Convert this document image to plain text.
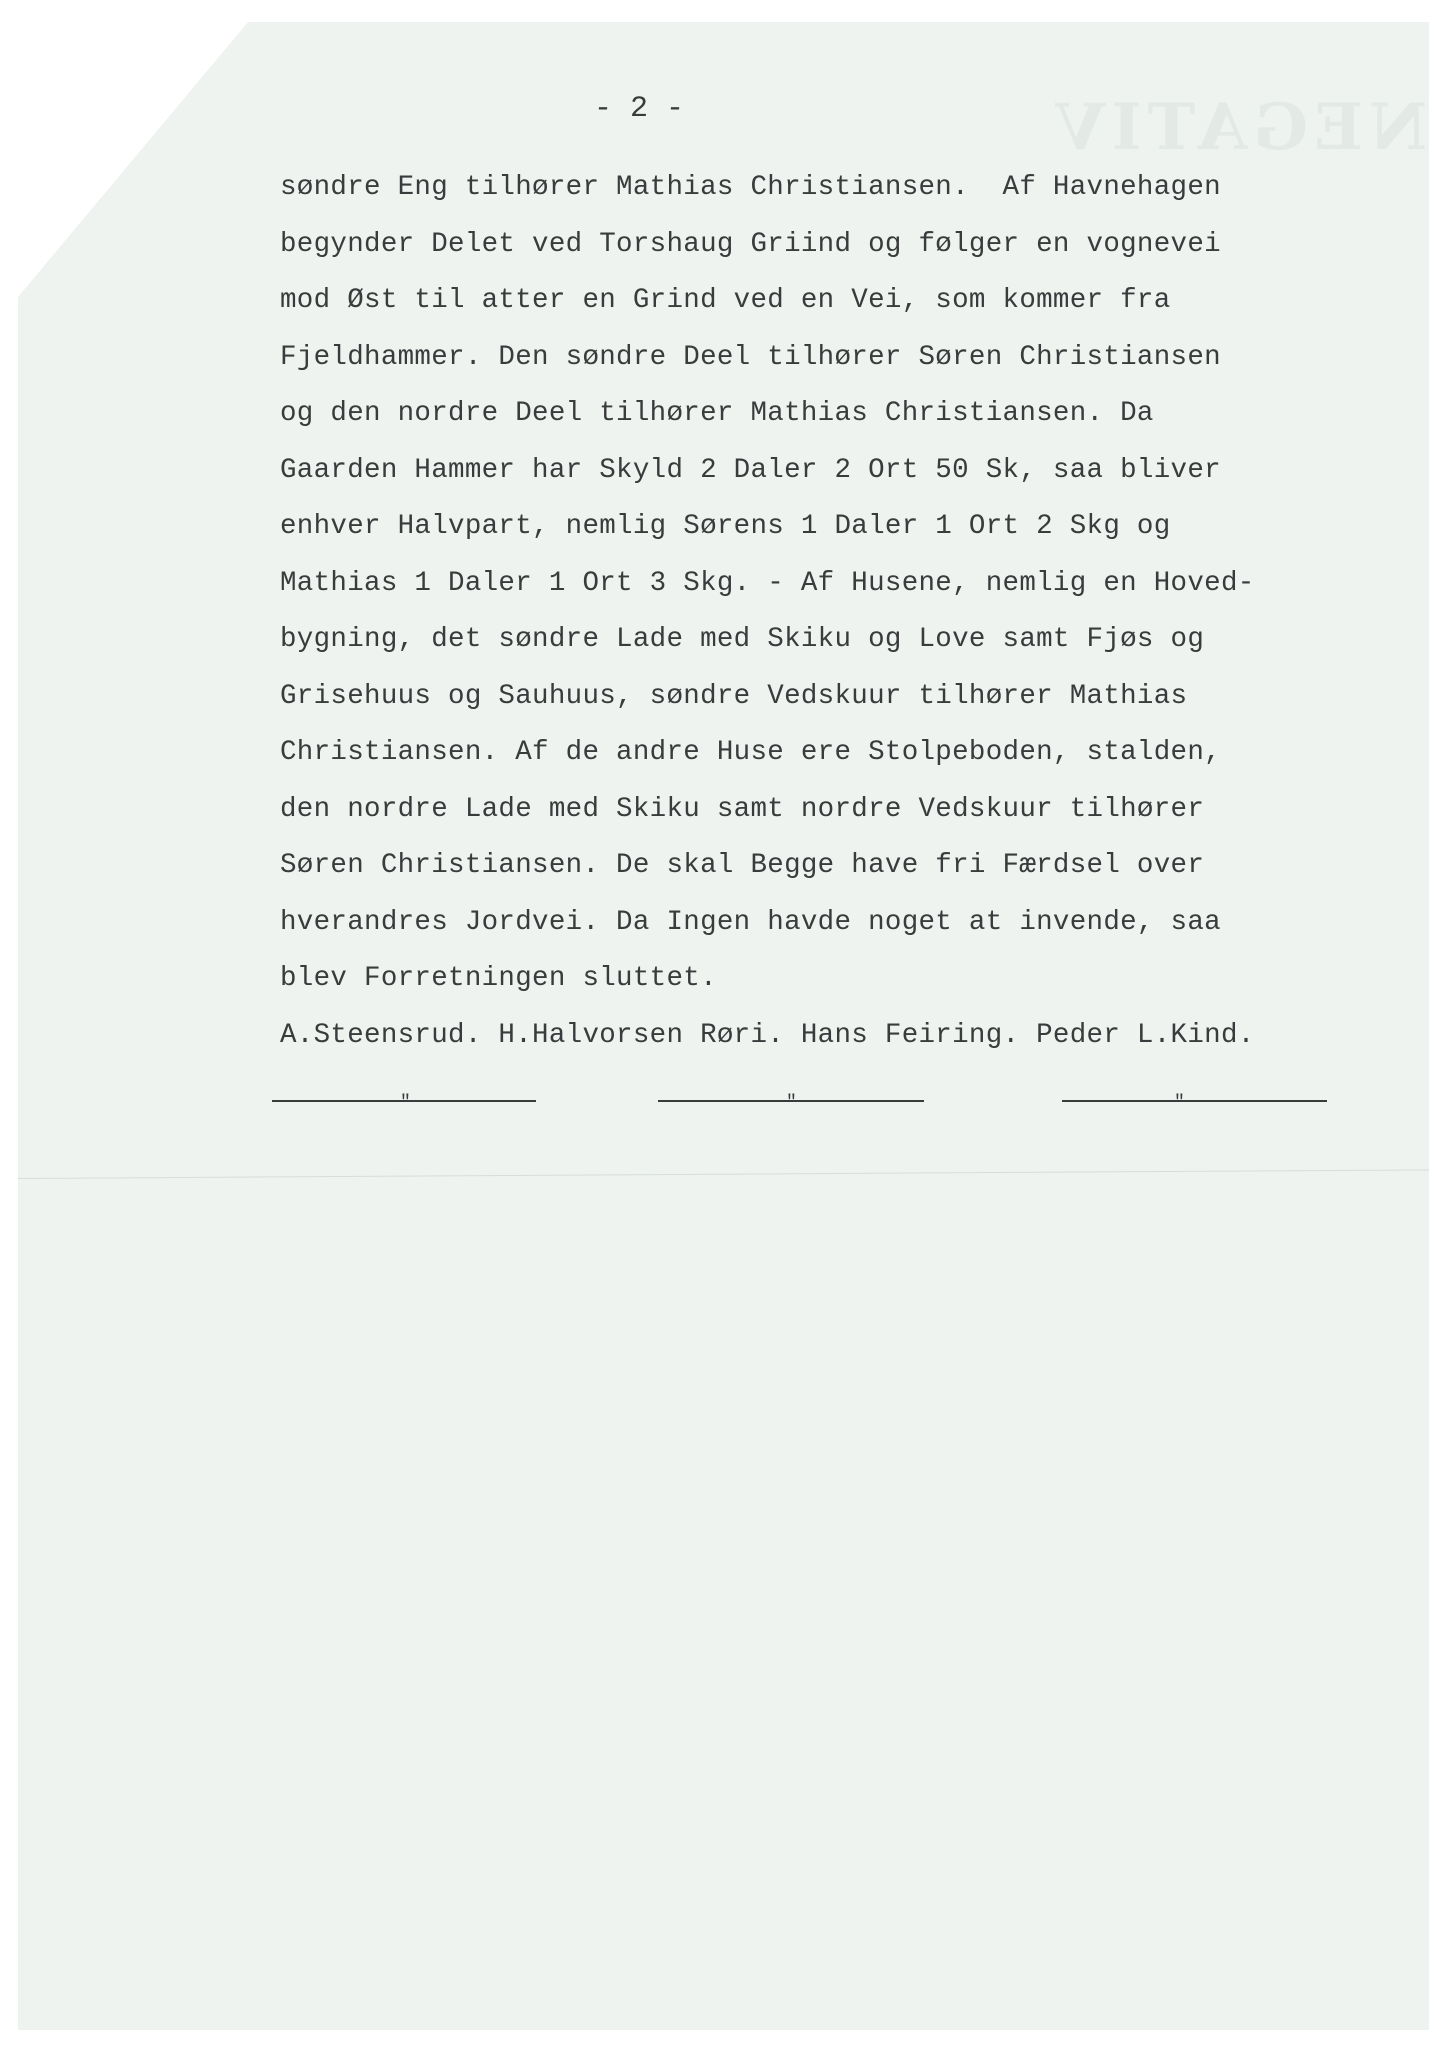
NEGATIV
- 2 -
søndre Eng tilhører Mathias Christiansen.  Af Havnehagen
begynder Delet ved Torshaug Griind og følger en vognevei
mod Øst til atter en Grind ved en Vei, som kommer fra
Fjeldhammer. Den søndre Deel tilhører Søren Christiansen
og den nordre Deel tilhører Mathias Christiansen. Da
Gaarden Hammer har Skyld 2 Daler 2 Ort 50 Sk, saa bliver
enhver Halvpart, nemlig Sørens 1 Daler 1 Ort 2 Skg og
Mathias 1 Daler 1 Ort 3 Skg. - Af Husene, nemlig en Hoved-
bygning, det søndre Lade med Skiku og Love samt Fjøs og
Grisehuus og Sauhuus, søndre Vedskuur tilhører Mathias
Christiansen. Af de andre Huse ere Stolpeboden, stalden,
den nordre Lade med Skiku samt nordre Vedskuur tilhører
Søren Christiansen. De skal Begge have fri Færdsel over
hverandres Jordvei. Da Ingen havde noget at invende, saa
blev Forretningen sluttet.
A.Steensrud. H.Halvorsen Røri. Hans Feiring. Peder L.Kind.
"	"	"
